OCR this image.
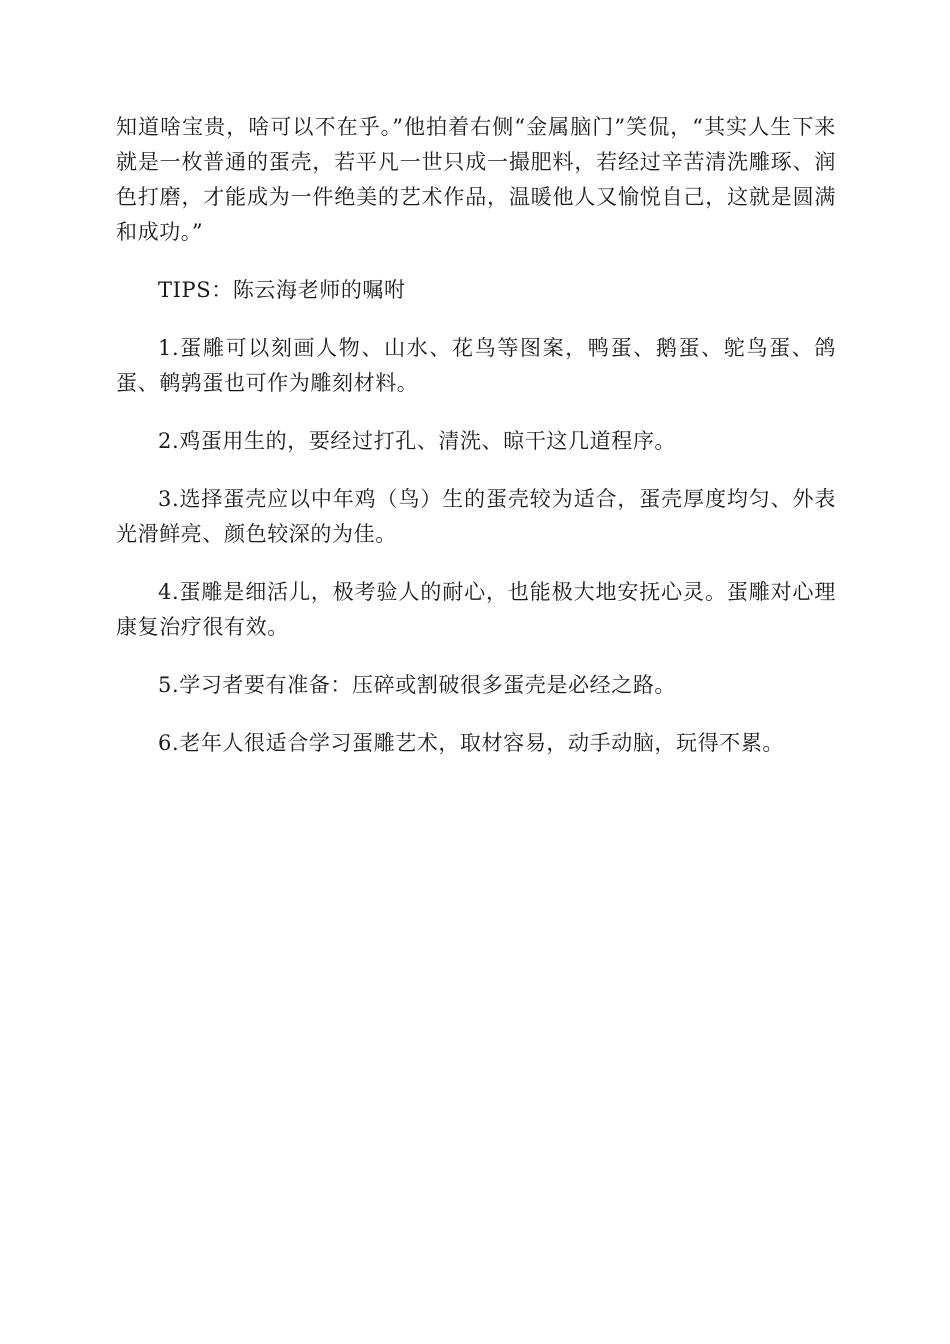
知道啥宝贵，啥可以不在乎。”他拍着右侧“金属脑门”笑侃，“其实人生下来就是一枚普通的蛋壳，若平凡一世只成一撮肥料，若经过辛苦清洗雕琢、润色打磨，才能成为一件绝美的艺术作品，温暖他人又愉悦自己，这就是圆满和成功。”

TIPS：陈云海老师的嘱咐

1.蛋雕可以刻画人物、山水、花鸟等图案，鸭蛋、鹅蛋、鸵鸟蛋、鸽蛋、鹌鹑蛋也可作为雕刻材料。

2.鸡蛋用生的，要经过打孔、清洗、晾干这几道程序。

3.选择蛋壳应以中年鸡（鸟）生的蛋壳较为适合，蛋壳厚度均匀、外表光滑鲜亮、颜色较深的为佳。

4.蛋雕是细活儿，极考验人的耐心，也能极大地安抚心灵。蛋雕对心理康复治疗很有效。

5.学习者要有准备：压碎或割破很多蛋壳是必经之路。

6.老年人很适合学习蛋雕艺术，取材容易，动手动脑，玩得不累。
